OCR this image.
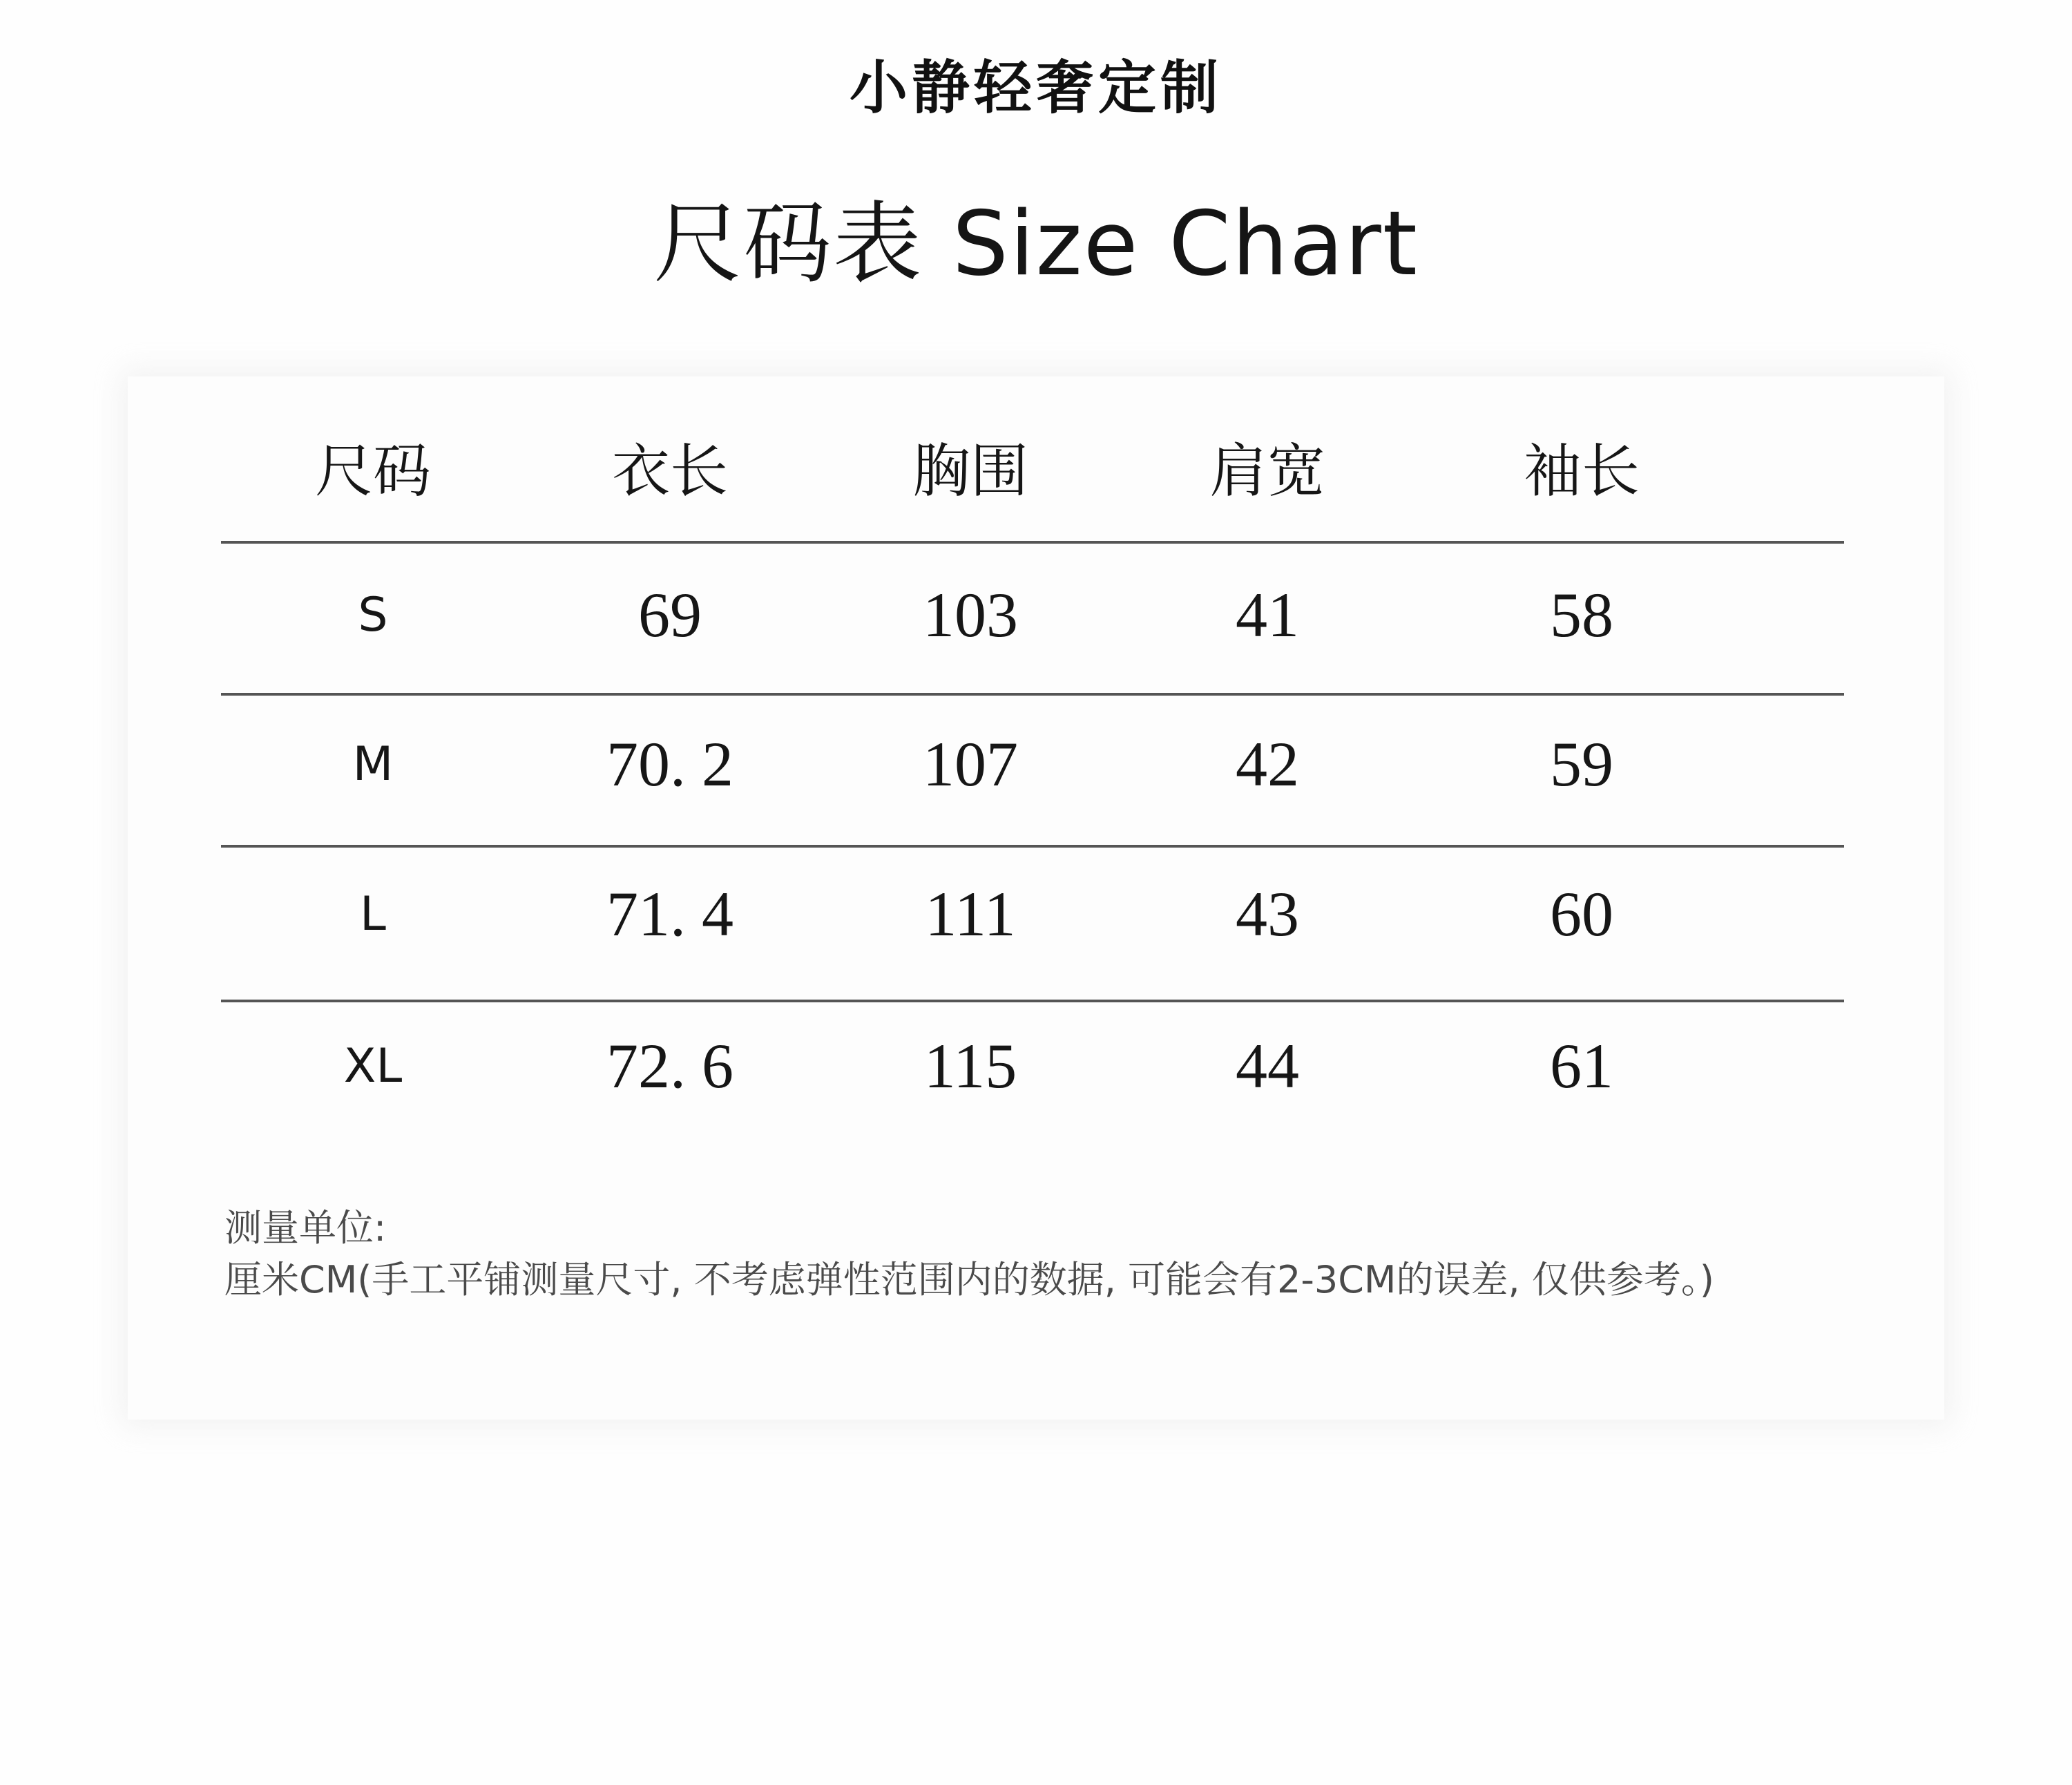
小静轻奢定制
尺码表 Size Chart
尺码	衣长	胸围	肩宽	袖长
S	69	103	41	58
M	70. 2	107	42	59
L	71. 4	111	43	60
XL	72. 6	115	44	61
测量单位:
厘米CM(手工平铺测量尺寸, 不考虑弹性范围内的数据, 可能会有2-3CM的误差, 仅供参考。)
